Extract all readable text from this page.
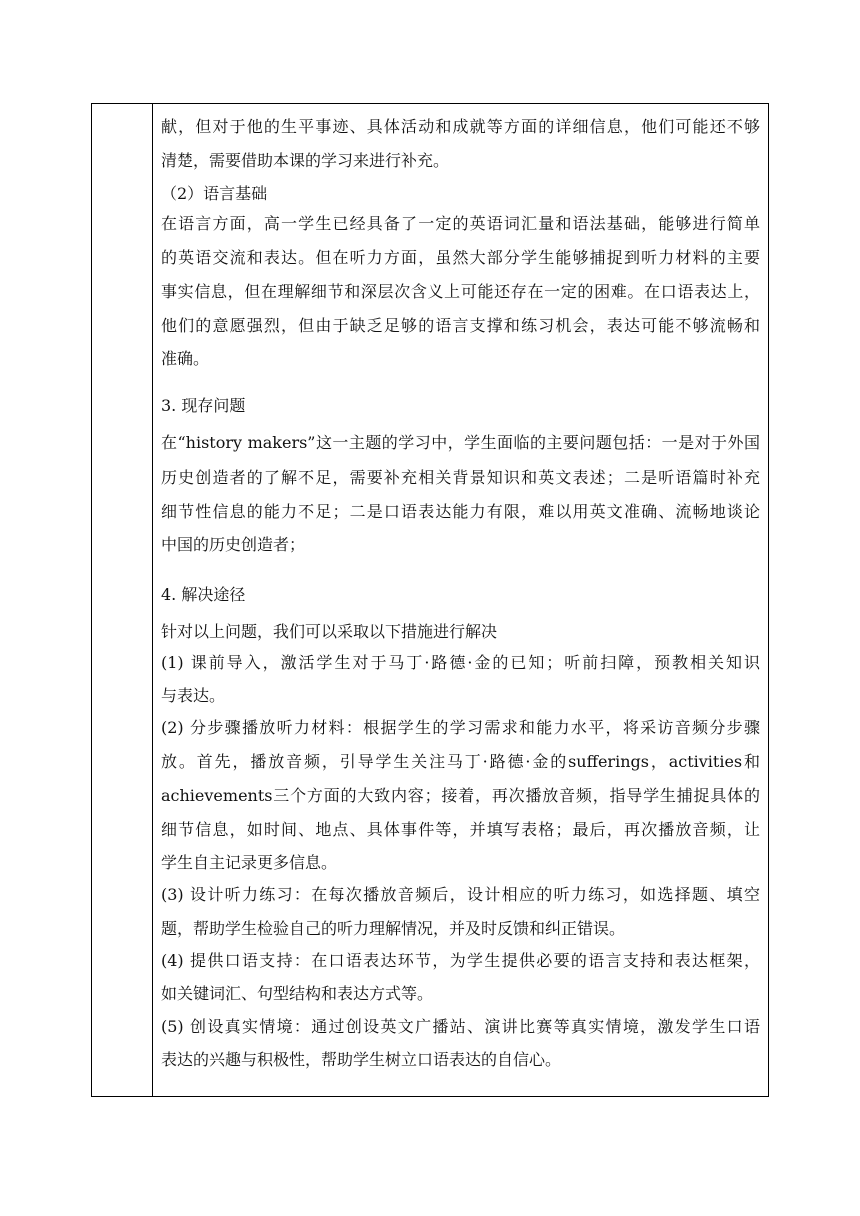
献，但对于他的生平事迹、具体活动和成就等方面的详细信息，他们可能还不够
清楚，需要借助本课的学习来进行补充。
（2）语言基础
在语言方面，高一学生已经具备了一定的英语词汇量和语法基础，能够进行简单
的英语交流和表达。但在听力方面，虽然大部分学生能够捕捉到听力材料的主要
事实信息，但在理解细节和深层次含义上可能还存在一定的困难。在口语表达上，
他们的意愿强烈，但由于缺乏足够的语言支撑和练习机会，表达可能不够流畅和
准确。
3. 现存问题
在“history makers”这一主题的学习中，学生面临的主要问题包括：一是对于外国
历史创造者的了解不足，需要补充相关背景知识和英文表述；二是听语篇时补充
细节性信息的能力不足；二是口语表达能力有限，难以用英文准确、流畅地谈论
中国的历史创造者；
4. 解决途径
针对以上问题，我们可以采取以下措施进行解决
(1) 课前导入，激活学生对于马丁·路德·金的已知；听前扫障，预教相关知识
与表达。
(2) 分步骤播放听力材料：根据学生的学习需求和能力水平，将采访音频分步骤
放。首先，播放音频，引导学生关注马丁·路德·金的sufferings，activities和
achievements三个方面的大致内容；接着，再次播放音频，指导学生捕捉具体的
细节信息，如时间、地点、具体事件等，并填写表格；最后，再次播放音频，让
学生自主记录更多信息。
(3) 设计听力练习：在每次播放音频后，设计相应的听力练习，如选择题、填空
题，帮助学生检验自己的听力理解情况，并及时反馈和纠正错误。
(4) 提供口语支持：在口语表达环节，为学生提供必要的语言支持和表达框架，
如关键词汇、句型结构和表达方式等。
(5) 创设真实情境：通过创设英文广播站、演讲比赛等真实情境，激发学生口语
表达的兴趣与积极性，帮助学生树立口语表达的自信心。
